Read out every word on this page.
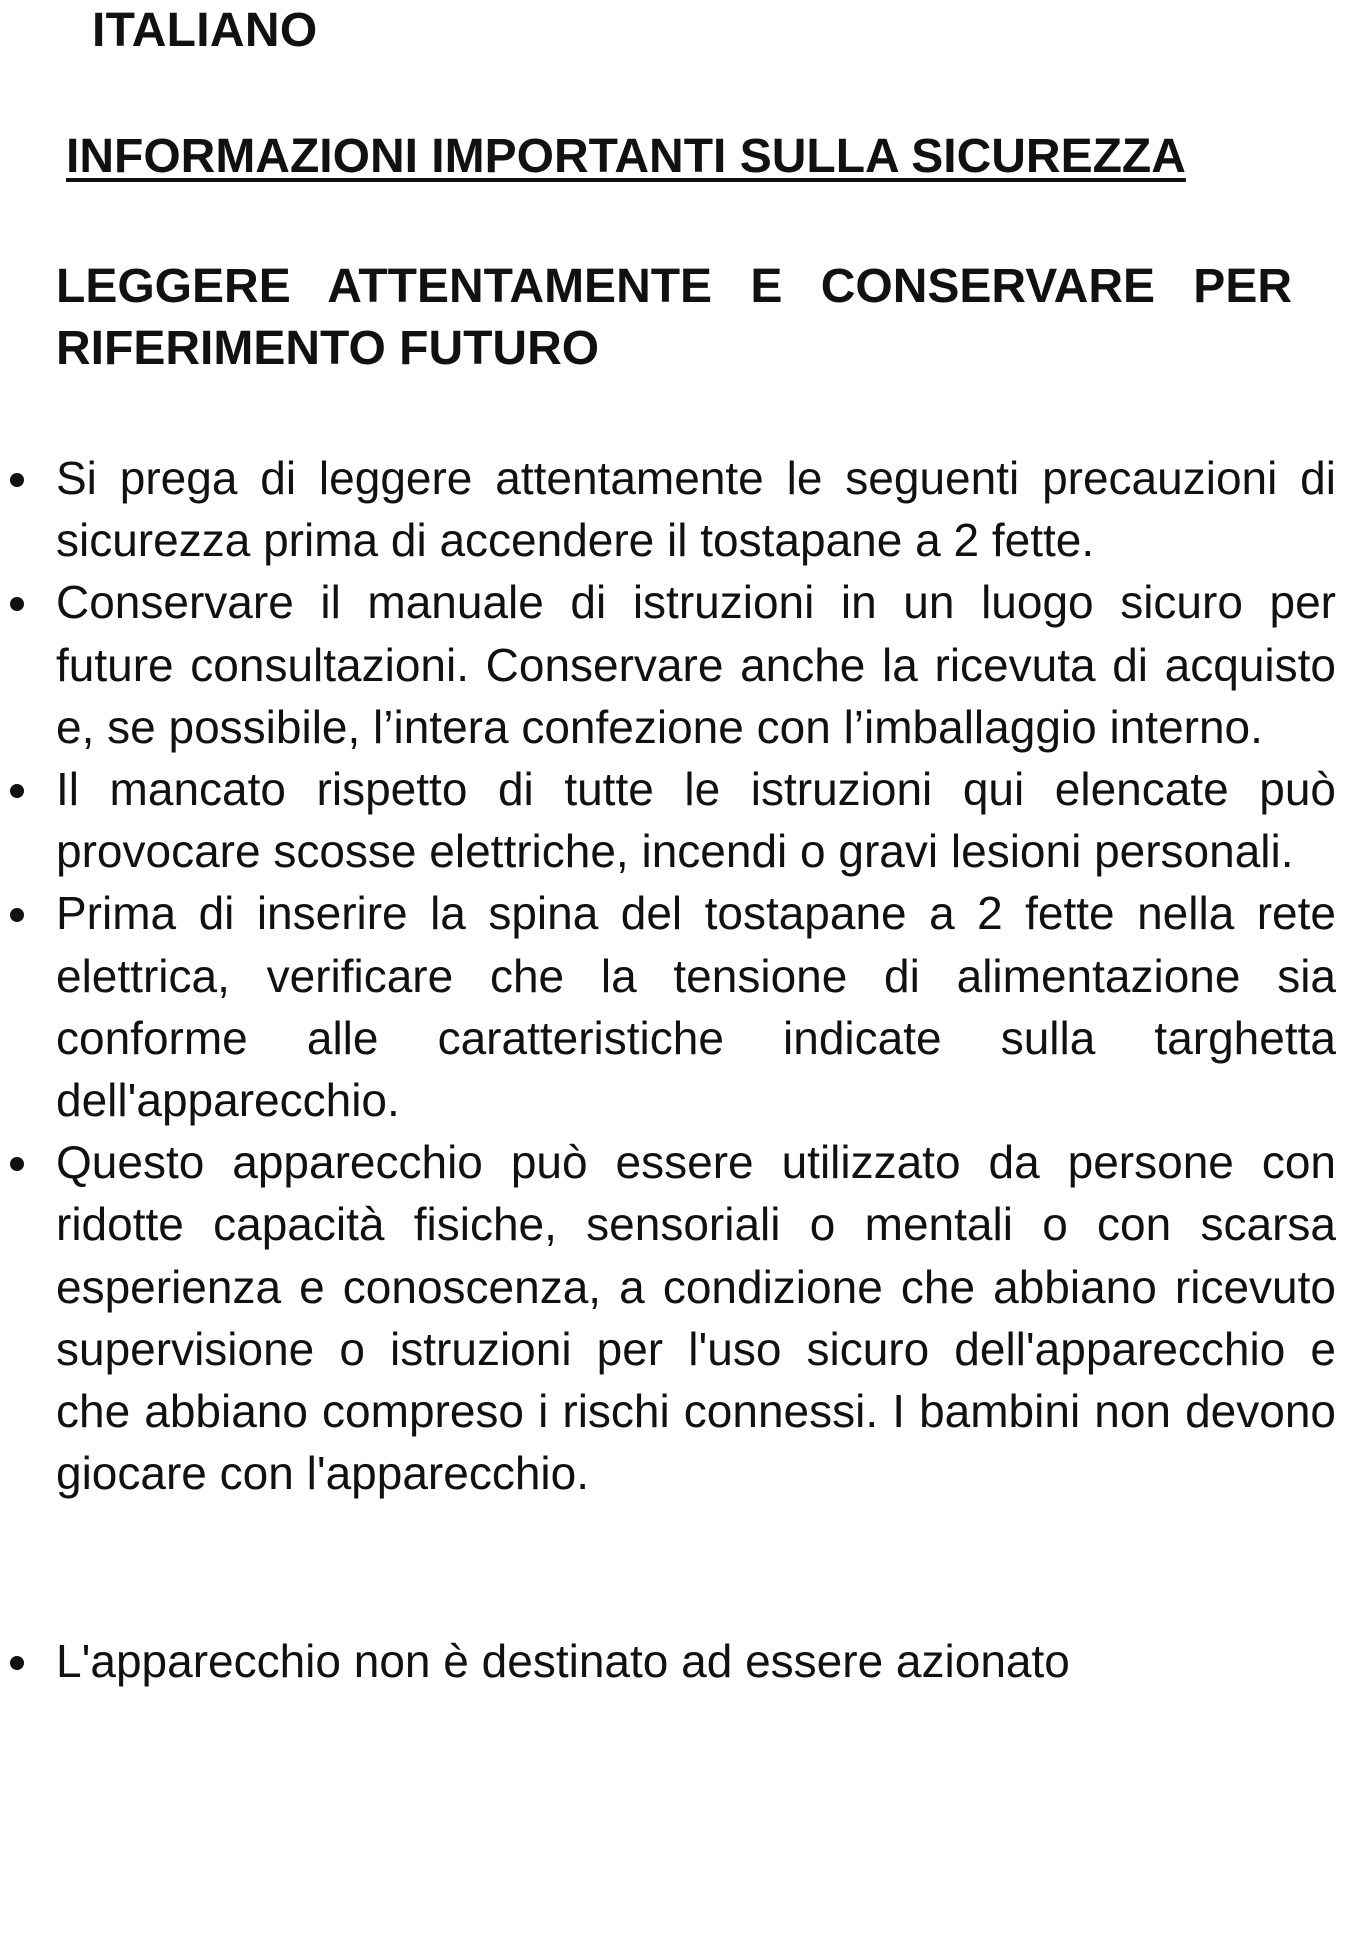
ITALIANO
INFORMAZIONI IMPORTANTI SULLA SICUREZZA

LEGGERE ATTENTAMENTE E CONSERVARE PER
RIFERIMENTO FUTURO

Si prega di leggere attentamente le seguenti precauzioni di sicurezza prima di accendere il tostapane a 2 fette.
Conservare il manuale di istruzioni in un luogo sicuro per future consultazioni. Conservare anche la ricevuta di acquisto e, se possibile, l’intera confezione con l’imballaggio interno.
Il mancato rispetto di tutte le istruzioni qui elencate può provocare scosse elettriche, incendi o gravi lesioni personali.
Prima di inserire la spina del tostapane a 2 fette nella rete elettrica, verificare che la tensione di alimentazione sia conforme alle caratteristiche indicate sulla targhetta dell'apparecchio.
Questo apparecchio può essere utilizzato da persone con ridotte capacità fisiche, sensoriali o mentali o con scarsa esperienza e conoscenza, a condizione che abbiano ricevuto supervisione o istruzioni per l'uso sicuro dell'apparecchio e che abbiano compreso i rischi connessi. I bambini non devono giocare con l'apparecchio.
L'apparecchio non è destinato ad essere azionato
